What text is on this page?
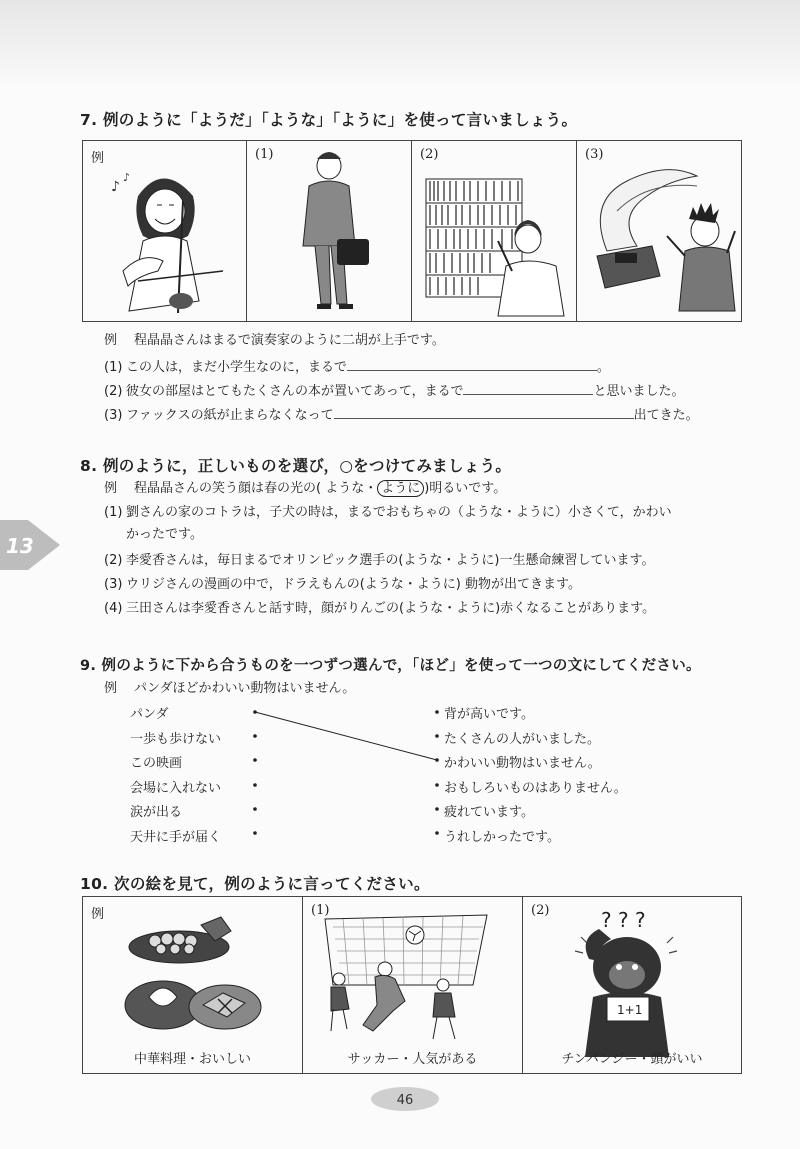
13
7. 例のように「ようだ」「ような」「ように」を使って言いましょう。
例
♪
♪
(1)	(2)	(3)
例 程晶晶さんはまるで演奏家のように二胡が上手です。
(1) この人は，まだ小学生なのに，まるで	。
(2) 彼女の部屋はとてもたくさんの本が置いてあって，まるで	と思いました。
(3) ファックスの紙が止まらなくなって	出てきた。
8. 例のように，正しいものを選び，○をつけてみましょう。
例 程晶晶さんの笑う顔は春の光の( ような・ ように )明るいです。
(1) 劉さんの家のコトラは，子犬の時は，まるでおもちゃの（ような・ように）小さくて，かわい
かったです。
(2) 李愛香さんは，毎日まるでオリンピック選手の(ような・ように)一生懸命練習しています。
(3) ウリジさんの漫画の中で，ドラえもんの(ような・ように) 動物が出てきます。
(4) 三田さんは李愛香さんと話す時，顔がりんごの(ような・ように)赤くなることがあります。
9. 例のように下から合うものを一つずつ選んで，「ほど」を使って一つの文にしてください。
例 パンダほどかわいい動物はいません。
パンダ
一歩も歩けない
この映画
会場に入れない
涙が出る
天井に手が届く
背が高いです。
たくさんの人がいました。
かわいい動物はいません。
おもしろいものはありません。
疲れています。
うれしかったです。
10. 次の絵を見て，例のように言ってください。
例
中華料理・おいしい
(1)
サッカー・人気がある
(2)	? ? ?
1+1
チンパンジー・頭がいい
46
